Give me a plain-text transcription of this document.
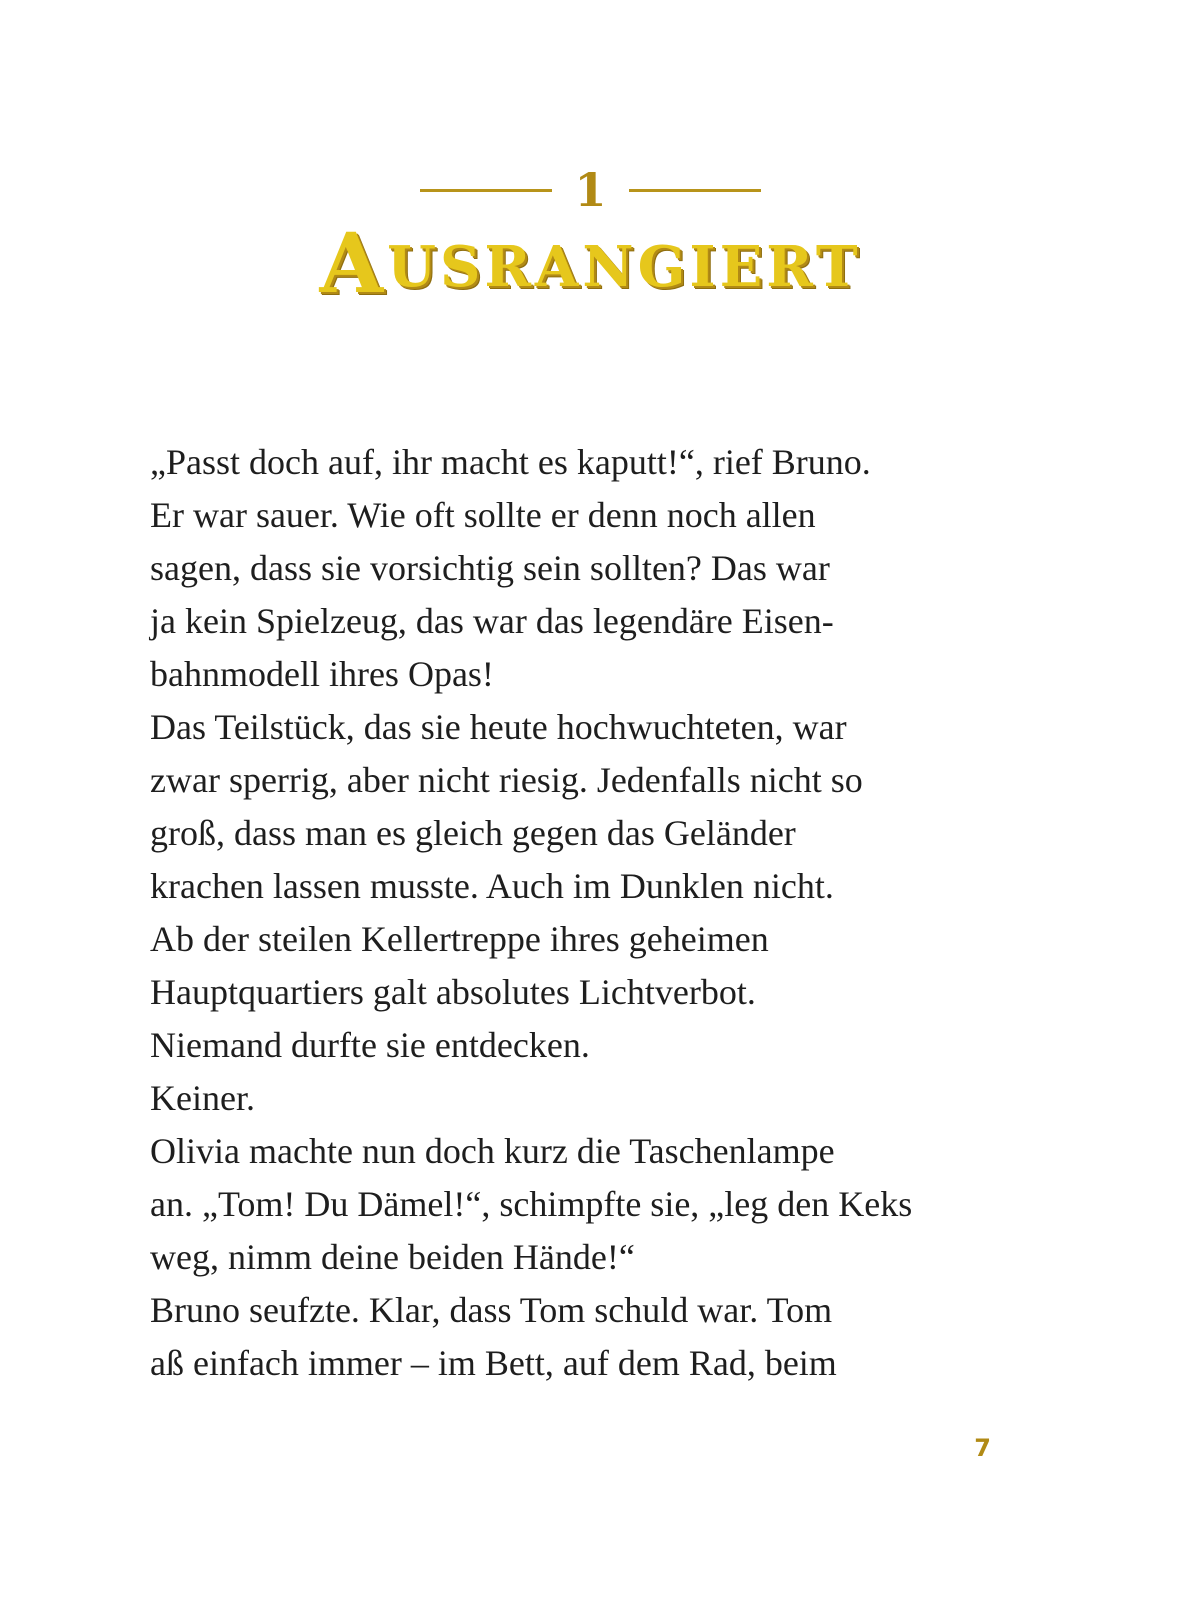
1
AUSRANGIERT
„Passt doch auf, ihr macht es kaputt!“, rief Bruno.
Er war sauer. Wie oft sollte er denn noch allen
sagen, dass sie vorsichtig sein sollten? Das war
ja kein Spielzeug, das war das legendäre Eisen-
bahnmodell ihres Opas!
Das Teilstück, das sie heute hochwuchteten, war
zwar sperrig, aber nicht riesig. Jedenfalls nicht so
groß, dass man es gleich gegen das Geländer
krachen lassen musste. Auch im Dunklen nicht.
Ab der steilen Kellertreppe ihres geheimen
Hauptquartiers galt absolutes Lichtverbot.
Niemand durfte sie entdecken.
Keiner.
Olivia machte nun doch kurz die Taschenlampe
an. „Tom! Du Dämel!“, schimpfte sie, „leg den Keks
weg, nimm deine beiden Hände!“
Bruno seufzte. Klar, dass Tom schuld war. Tom
aß einfach immer – im Bett, auf dem Rad, beim
7
